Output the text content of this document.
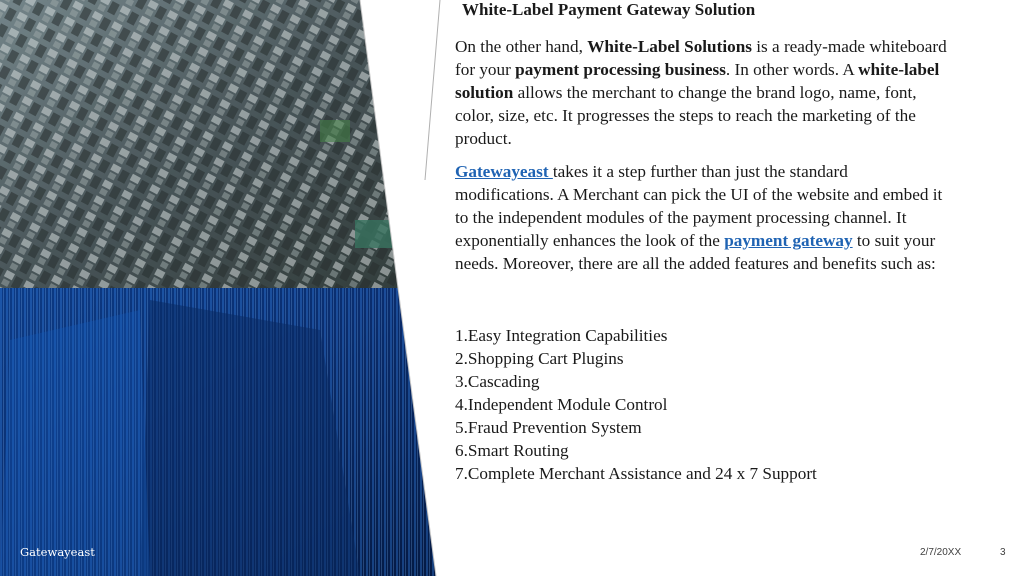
White-Label Payment Gateway Solution

On the other hand, White-Label Solutions is a ready-made whiteboard for your payment processing business. In other words. A white-label solution allows the merchant to change the brand logo, name, font, color, size, etc. It progresses the steps to reach the marketing of the product.

Gatewayeast takes it a step further than just the standard modifications. A Merchant can pick the UI of the website and embed it to the independent modules of the payment processing channel. It exponentially enhances the look of the payment gateway to suit your needs. Moreover, there are all the added features and benefits such as:

1.Easy Integration Capabilities
2.Shopping Cart Plugins
3.Cascading
4.Independent Module Control
5.Fraud Prevention System
6.Smart Routing
7.Complete Merchant Assistance and 24 x 7 Support
Gatewayeast	2/7/20XX	3
